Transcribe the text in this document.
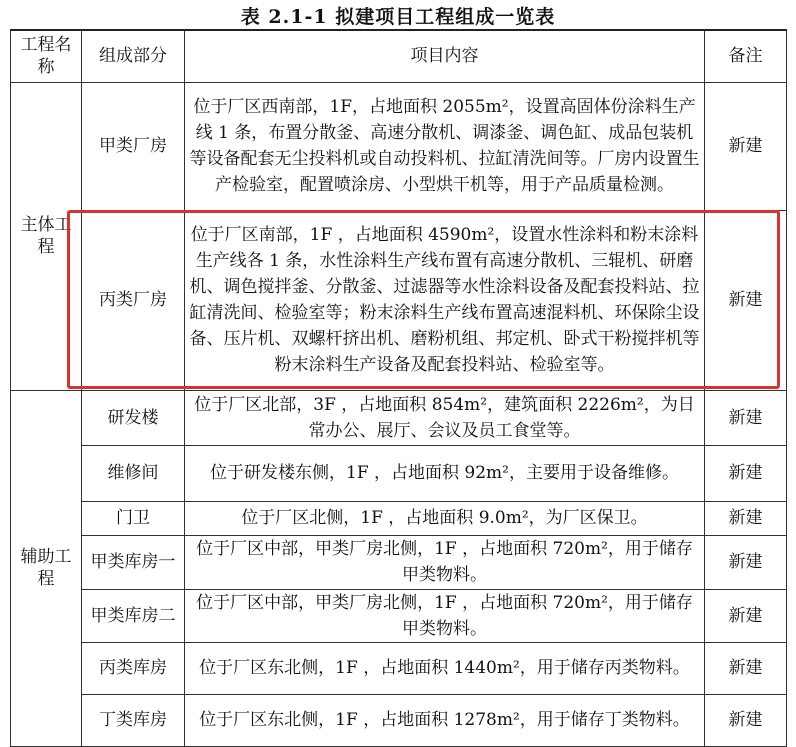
表 2.1-1 拟建项目工程组成一览表
工程名称	组成部分	项目内容	备注
主体工程	甲类厂房	位于厂区西南部，1F，占地面积 2055m²，设置高固体份涂料生产线 1 条，布置分散釜、高速分散机、调漆釜、调色缸、成品包装机等设备配套无尘投料机或自动投料机、拉缸清洗间等。厂房内设置生产检验室，配置喷涂房、小型烘干机等，用于产品质量检测。	新建
	丙类厂房	位于厂区南部，1F ，占地面积 4590m²，设置水性涂料和粉末涂料生产线各 1 条，水性涂料生产线布置有高速分散机、三辊机、研磨机、调色搅拌釜、分散釜、过滤器等水性涂料设备及配套投料站、拉缸清洗间、检验室等；粉末涂料生产线布置高速混料机、环保除尘设备、压片机、双螺杆挤出机、磨粉机组、邦定机、卧式干粉搅拌机等粉末涂料生产设备及配套投料站、检验室等。	新建
辅助工程	研发楼	位于厂区北部，3F ，占地面积 854m²，建筑面积 2226m²，为日常办公、展厅、会议及员工食堂等。	新建
	维修间	位于研发楼东侧，1F ，占地面积 92m²，主要用于设备维修。	新建
	门卫	位于厂区北侧，1F ，占地面积 9.0m²，为厂区保卫。	新建
	甲类库房一	位于厂区中部，甲类厂房北侧，1F ，占地面积 720m²，用于储存甲类物料。	新建
	甲类库房二	位于厂区中部，甲类厂房北侧，1F ，占地面积 720m²，用于储存甲类物料。	新建
	丙类库房	位于厂区东北侧，1F ，占地面积 1440m²，用于储存丙类物料。	新建
	丁类库房	位于厂区东北侧，1F ，占地面积 1278m²，用于储存丁类物料。	新建
